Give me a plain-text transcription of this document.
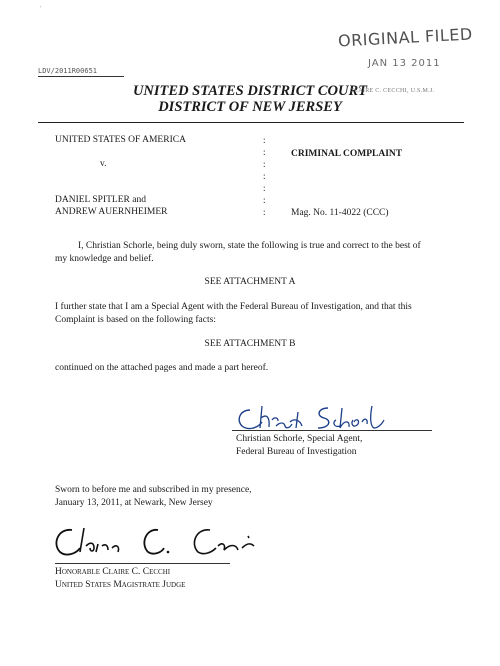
'
ORIGINAL FILED
JAN 13 2011
LDV/2011R00651
UNITED STATES DISTRICT COURT
DISTRICT OF NEW JERSEY
CLAIRE C. CECCHI, U.S.M.J.
UNITED STATES OF AMERICA
v.
DANIEL SPITLER and
ANDREW AUERNHEIMER
:
:
:
:
:
:
:
CRIMINAL COMPLAINT
Mag. No. 11-4022 (CCC)
I, Christian Schorle, being duly sworn, state the following is true and correct to the best of
my knowledge and belief.
SEE ATTACHMENT A
I further state that I am a Special Agent with the Federal Bureau of Investigation, and that this
Complaint is based on the following facts:
SEE ATTACHMENT B
continued on the attached pages and made a part hereof.
Christian Schorle, Special Agent,
Federal Bureau of Investigation
Sworn to before me and subscribed in my presence,
January 13, 2011, at Newark, New Jersey
Honorable Claire C. Cecchi
United States Magistrate Judge
